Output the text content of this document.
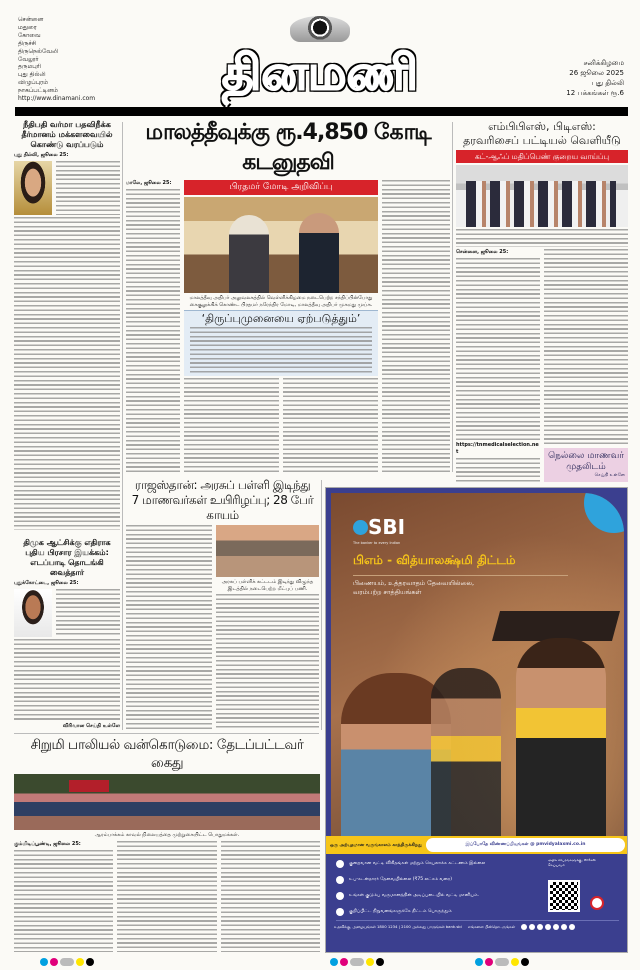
சென்னை
மதுரை
கோவை
திருச்சி
திருநெல்வேலி
வேலூர்
தருமபுரி
புது தில்லி
விழுப்புரம்
நாகப்பட்டினம்
http://www.dinamani.com	தினமணி	சனிக்கிழமை
26 ஜூலை 2025
புது தில்லி
12 பக்கங்கள் ரூ.6
நீதிபதி வர்மா பதவிநீக்க தீர்மானம் மக்களவையில் கொண்டு வரப்படும்
புது தில்லி, ஜூலை 25:
திமுக ஆட்சிக்கு எதிராக புதிய பிரசார இயக்கம்: எடப்பாடி தொடங்கி வைத்தார்
புதுக்கோட்டை, ஜூலை 25:
விரிவான செய்தி உள்ளே
மாலத்தீவுக்கு ரூ.4,850 கோடி கடனுதவி
மாலே, ஜூலை 25:	பிரதமர் மோடி அறிவிப்பு
மாலத்தீவு அதிபர் அலுவலகத்தில் வெள்ளிக்கிழமை நடைபெற்ற சந்திப்பின்போது கைகுலுக்கிக் கொண்ட பிரதமர் நரேந்திர மோடி, மாலத்தீவு அதிபர் முகமது முய்சு.
‘திருப்புமுனையை ஏற்படுத்தும்’
எம்பிபிஎஸ், பிடிஎஸ்:
தரவரிசைப் பட்டியல் வெளியீடு
கட்-ஆஃப் மதிப்பெண் குறைய வாய்ப்பு
சென்னை, ஜூலை 25:
https://tnmedicalselection.net	நெல்லை மாணவர் முதலிடம்
செய்தி உள்ளே
ராஜஸ்தான்: அரசுப் பள்ளி இடிந்து
7 மாணவர்கள் உயிரிழப்பு; 28 பேர் காயம்
அரசுப் பள்ளிக் கட்டடம் இடிந்து விழுந்த இடத்தில் நடைபெற்ற மீட்புப் பணி.
சிறுமி பாலியல் வன்கொடுமை: தேடப்பட்டவர் கைது
ஆரம்பாக்கம் காவல் நிலையத்தை முற்றுகையிட்ட பொதுமக்கள்.
கும்மிடிப்பூண்டி, ஜூலை 25:
SBI
The banker to every Indian
பிஎம் - வித்யாலக்ஷ்மி திட்டம்
பிணையம், உத்தரவாதம் தேவையில்லை,
வரம்பற்ற சாத்தியங்கள்
ஒரு அற்புதமான வருங்காலம் காத்திருக்கிறது	இப்போதே விண்ணப்பியுங்கள் @ pmvidyalaxmi.co.in
குறைவான வட்டி விகிதங்கள் மற்றும் செயலாக்க கட்டணம் இல்லை
உப-கடன்தாரர் தேவையில்லை (₹75 லட்சம் வரை)
உங்கள் குடும்ப வருமானத்தின் அடிப்படையில் வட்டி மானியம்.
குறிப்பிட்ட நிறுவனங்களுக்கே திட்டம் பொருந்தும்
அதிக விபரங்களுக்கு, ஸ்கேன் செய்யவும்
உதவிக்கு, அழையுங்கள் 1800 1234 | 2100 அல்லது பாருங்கள் bank.sbi எங்களை பின்தொடருங்கள்
